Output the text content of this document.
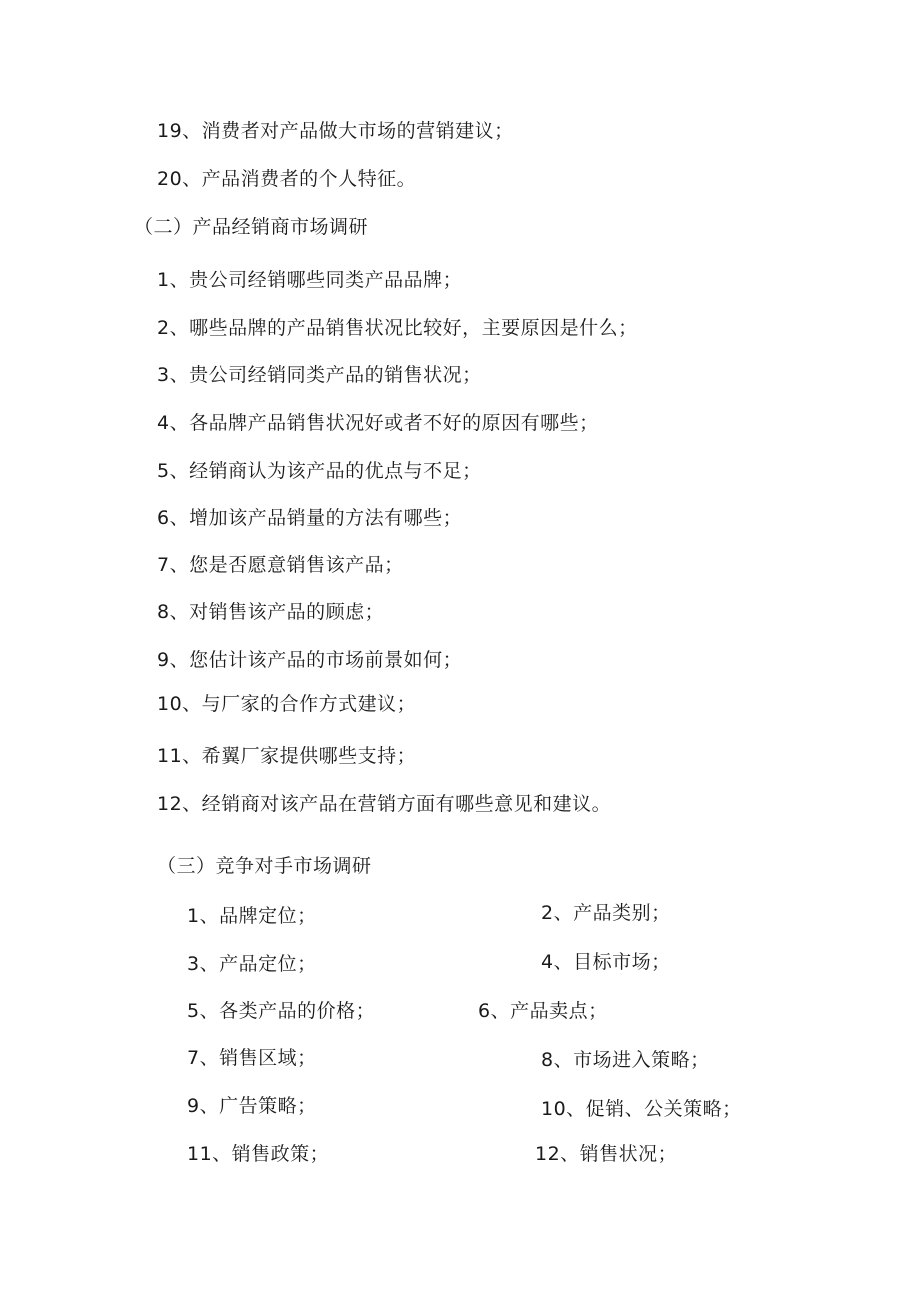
19、消费者对产品做大市场的营销建议；
20、产品消费者的个人特征。
（二）产品经销商市场调研
1、贵公司经销哪些同类产品品牌；
2、哪些品牌的产品销售状况比较好，主要原因是什么；
3、贵公司经销同类产品的销售状况；
4、各品牌产品销售状况好或者不好的原因有哪些；
5、经销商认为该产品的优点与不足；
6、增加该产品销量的方法有哪些；
7、您是否愿意销售该产品；
8、对销售该产品的顾虑；
9、您估计该产品的市场前景如何；
10、与厂家的合作方式建议；
11、希翼厂家提供哪些支持；
12、经销商对该产品在营销方面有哪些意见和建议。
（三）竞争对手市场调研
1、品牌定位；	2、产品类别；
3、产品定位；	4、目标市场；
5、各类产品的价格；	6、产品卖点；
7、销售区域；	8、市场进入策略；
9、广告策略；	10、促销、公关策略；
11、销售政策；	12、销售状况；
